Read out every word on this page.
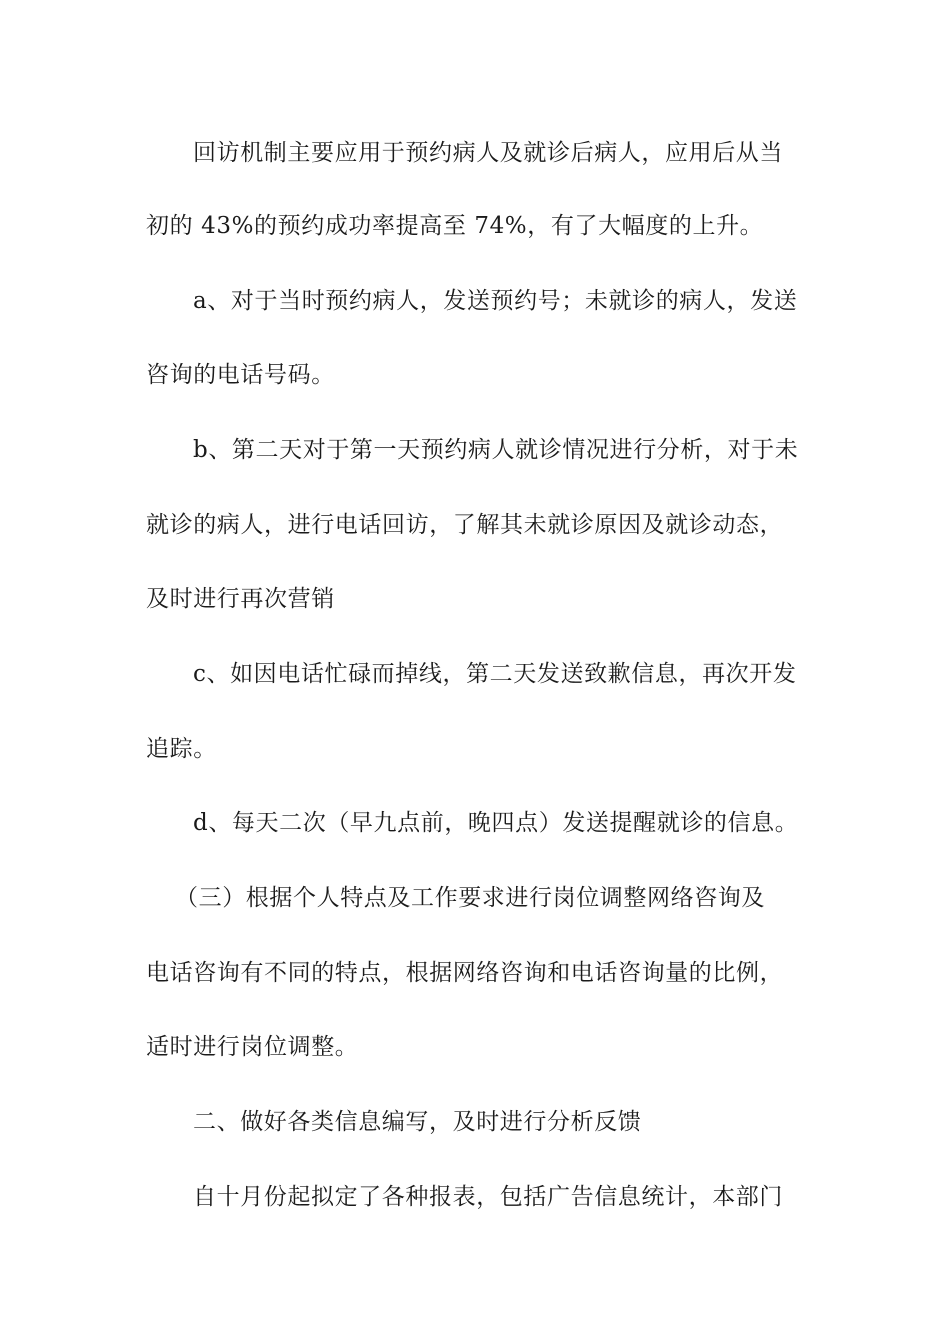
回访机制主要应用于预约病人及就诊后病人，应用后从当
初的 43%的预约成功率提高至 74%，有了大幅度的上升。
a、对于当时预约病人，发送预约号；未就诊的病人，发送
咨询的电话号码。
b、第二天对于第一天预约病人就诊情况进行分析，对于未
就诊的病人，进行电话回访，了解其未就诊原因及就诊动态，
及时进行再次营销
c、如因电话忙碌而掉线，第二天发送致歉信息，再次开发
追踪。
d、每天二次（早九点前，晚四点）发送提醒就诊的信息。
（三）根据个人特点及工作要求进行岗位调整网络咨询及
电话咨询有不同的特点，根据网络咨询和电话咨询量的比例，
适时进行岗位调整。
二、做好各类信息编写，及时进行分析反馈
自十月份起拟定了各种报表，包括广告信息统计，本部门
